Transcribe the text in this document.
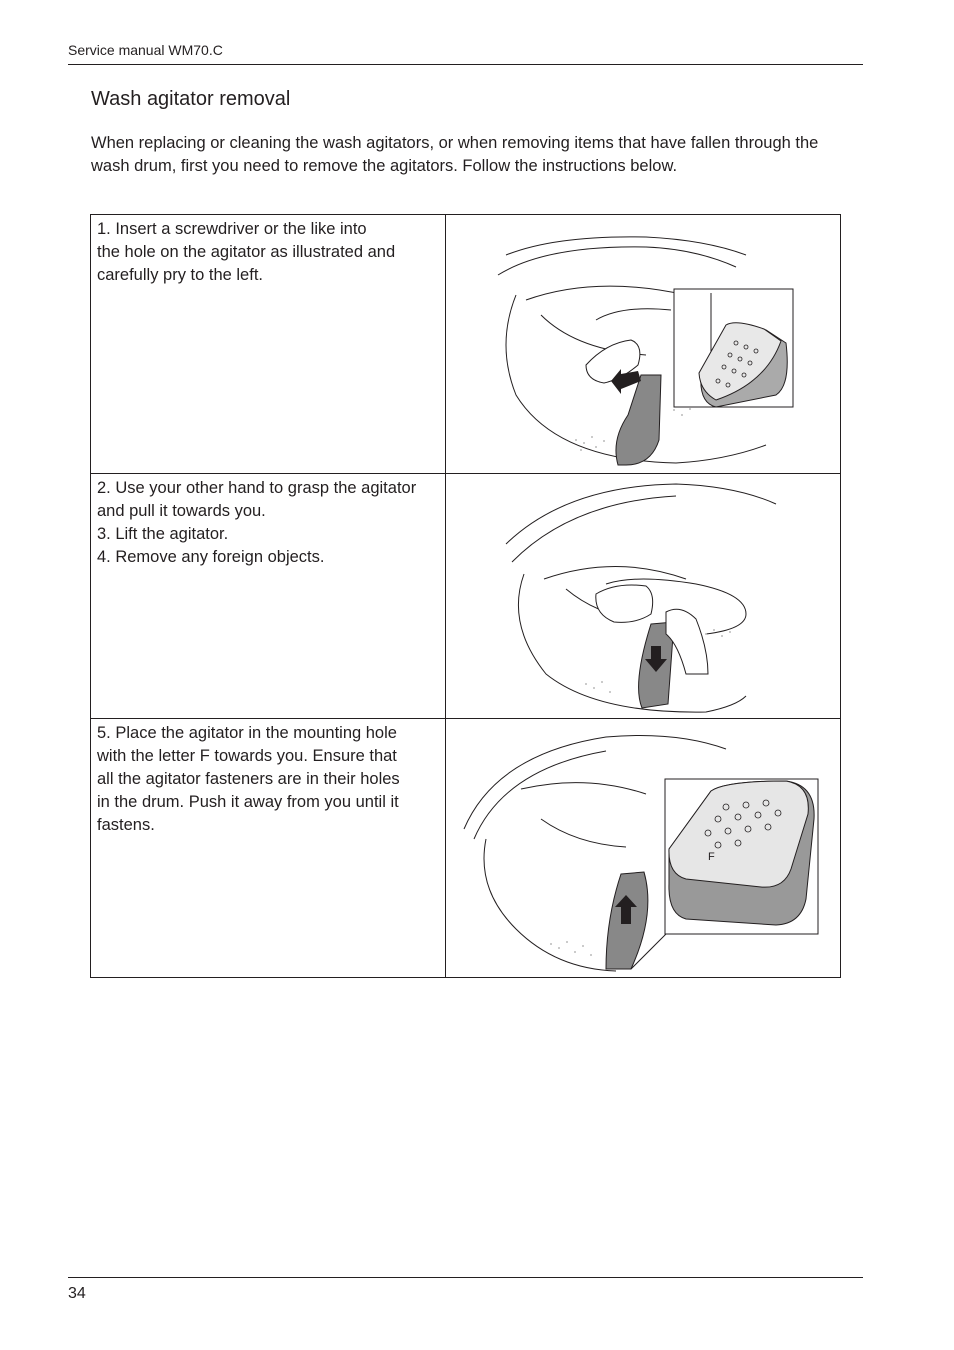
Service manual WM70.C
Wash agitator removal

When replacing or cleaning the wash agitators, or when removing items that have fallen through the wash drum, first you need to remove the agitators. Follow the instructions below.

1. Insert a screwdriver or the like into
the hole on the agitator as illustrated and
carefully pry to the left.

2. Use your other hand to grasp the agitator
and pull it towards you.
3. Lift the agitator.
4. Remove any foreign objects.

5. Place the agitator in the mounting hole
with the letter F towards you. Ensure that
all the agitator fasteners are in their holes
in the drum. Push it away from you until it
fastens.	F
34
